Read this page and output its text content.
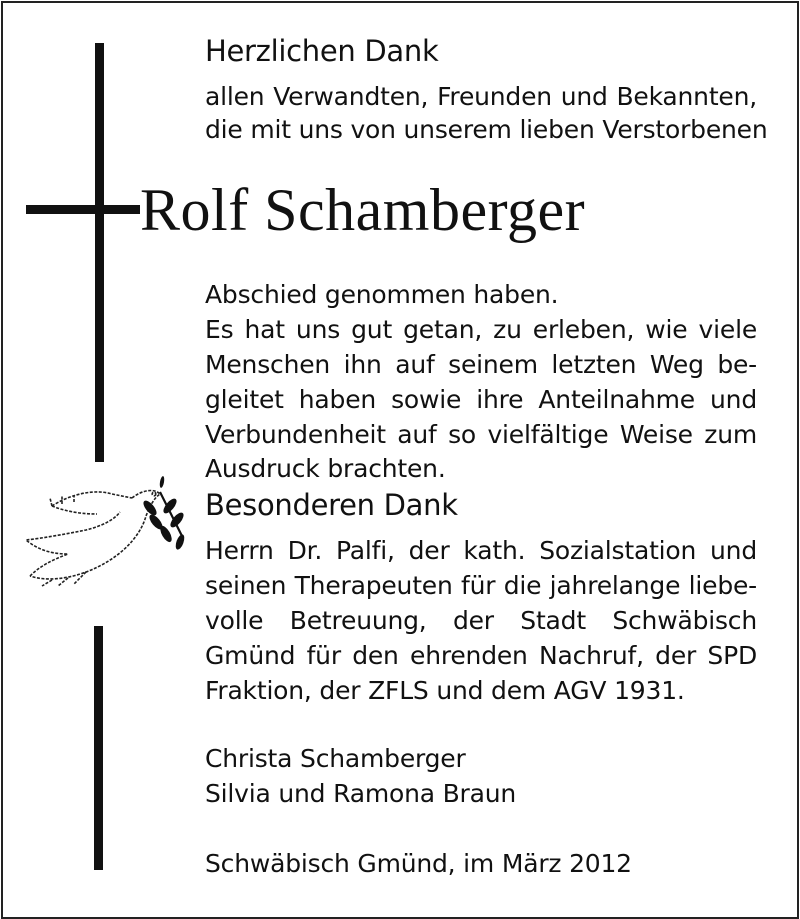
Herzlichen Dank
allen Verwandten, Freunden und Bekannten,
die mit uns von unserem lieben Verstorbenen
Rolf Schamberger
Abschied genommen haben.
Es hat uns gut getan, zu erleben, wie viele
Menschen ihn auf seinem letzten Weg be-
gleitet haben sowie ihre Anteilnahme und
Verbundenheit auf so vielfältige Weise zum
Ausdruck brachten.
Besonderen Dank
Herrn Dr. Palfi, der kath. Sozialstation und
seinen Therapeuten für die jahrelange liebe-
volle Betreuung, der Stadt Schwäbisch
Gmünd für den ehrenden Nachruf, der SPD
Fraktion, der ZFLS und dem AGV 1931.
Christa Schamberger
Silvia und Ramona Braun
Schwäbisch Gmünd, im März 2012
